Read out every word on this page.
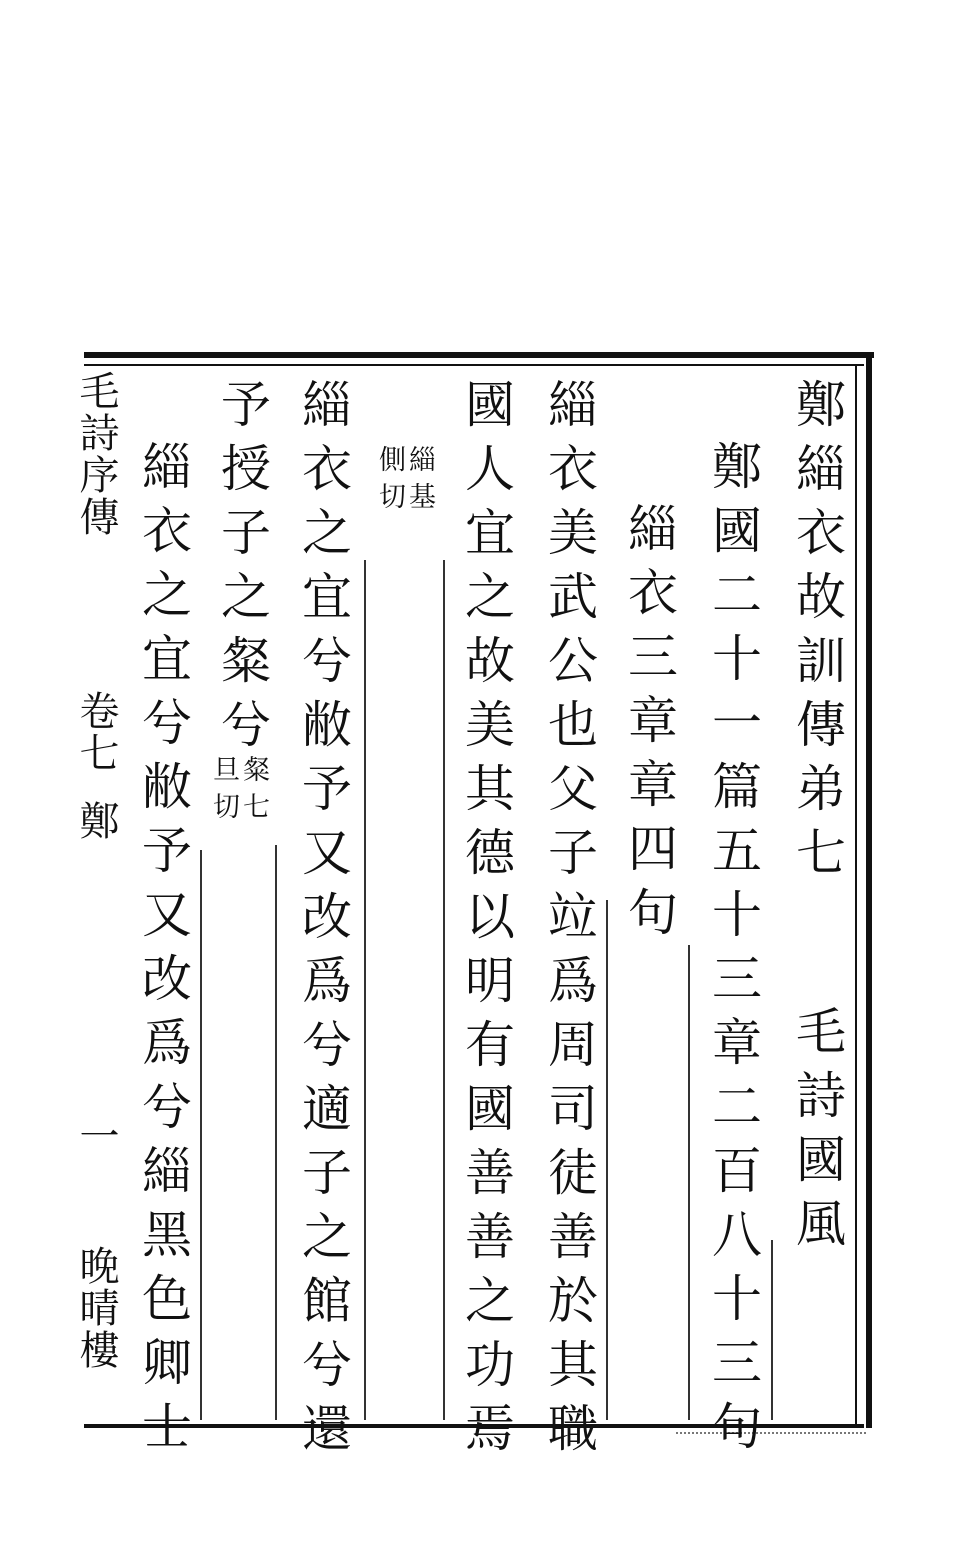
鄭緇衣故訓傳弟七
毛詩國風
鄭國二十一篇五十三章二百八十三句
緇衣三章章四句
緇衣美武公也父子竝爲周司徒善於其職
國人宜之故美其德以明有國善善之功焉
緇基
側切
緇衣之宜兮敝予又改爲兮適子之館兮還
予授子之粲兮
粲七
旦切
緇衣之宜兮敝予又改爲兮緇黑色卿士
毛詩序傳
卷七
鄭
一
晚晴樓
